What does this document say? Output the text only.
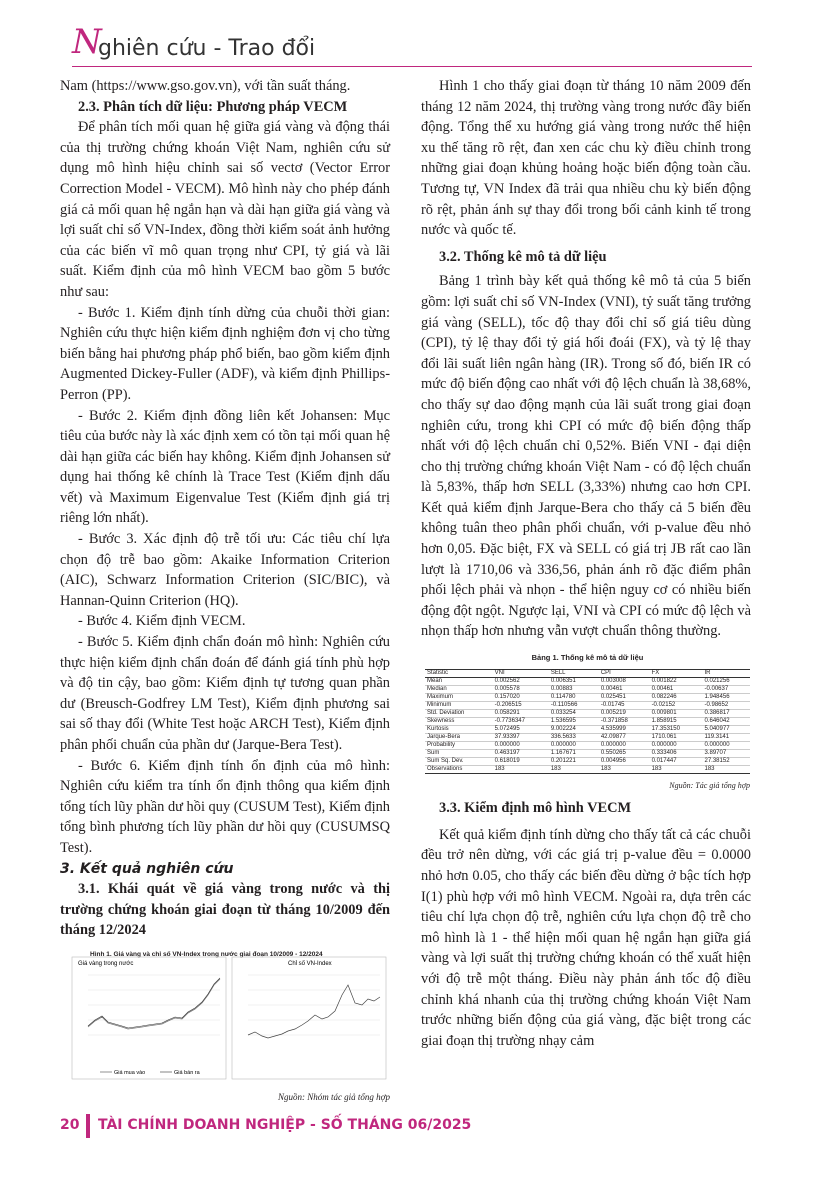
N
ghiên cứu - Trao đổi

Nam (https://www.gso.gov.vn), với tần suất tháng.

2.3. Phân tích dữ liệu: Phương pháp VECM

Để phân tích mối quan hệ giữa giá vàng và động thái của thị trường chứng khoán Việt Nam, nghiên cứu sử dụng mô hình hiệu chỉnh sai số vectơ (Vector Error Correction Model - VECM). Mô hình này cho phép đánh giá cả mối quan hệ ngắn hạn và dài hạn giữa giá vàng và lợi suất chỉ số VN-Index, đồng thời kiểm soát ảnh hưởng của các biến vĩ mô quan trọng như CPI, tỷ giá và lãi suất. Kiểm định của mô hình VECM bao gồm 5 bước như sau:

- Bước 1. Kiểm định tính dừng của chuỗi thời gian: Nghiên cứu thực hiện kiểm định nghiệm đơn vị cho từng biến bằng hai phương pháp phổ biến, bao gồm kiểm định Augmented Dickey-Fuller (ADF), và kiểm định Phillips-Perron (PP).

- Bước 2. Kiểm định đồng liên kết Johansen: Mục tiêu của bước này là xác định xem có tồn tại mối quan hệ dài hạn giữa các biến hay không. Kiểm định Johansen sử dụng hai thống kê chính là Trace Test (Kiểm định dấu vết) và Maximum Eigenvalue Test (Kiểm định giá trị riêng lớn nhất).

- Bước 3. Xác định độ trễ tối ưu: Các tiêu chí lựa chọn độ trễ bao gồm: Akaike Information Criterion (AIC), Schwarz Information Criterion (SIC/BIC), và Hannan-Quinn Criterion (HQ).

- Bước 4. Kiểm định VECM.

- Bước 5. Kiểm định chẩn đoán mô hình: Nghiên cứu thực hiện kiểm định chẩn đoán để đánh giá tính phù hợp và độ tin cậy, bao gồm: Kiểm định tự tương quan phần dư (Breusch-Godfrey LM Test), Kiểm định phương sai sai số thay đổi (White Test hoặc ARCH Test), Kiểm định phân phối chuẩn của phần dư (Jarque-Bera Test).

- Bước 6. Kiểm định tính ổn định của mô hình: Nghiên cứu kiểm tra tính ổn định thông qua kiểm định tổng tích lũy phần dư hồi quy (CUSUM Test), Kiểm định tổng bình phương tích lũy phần dư hồi quy (CUSUMSQ Test).

3. Kết quả nghiên cứu

3.1. Khái quát về giá vàng trong nước và thị trường chứng khoán giai đoạn từ tháng 10/2009 đến tháng 12/2024

Hình 1. Giá vàng và chỉ số VN-Index trong nước giai đoạn 10/2009 - 12/2024
Giá vàng trong nước	Chỉ số VN-Index
Giá mua vào	Giá bán ra

Nguồn: Nhóm tác giả tổng hợp

Hình 1 cho thấy giai đoạn từ tháng 10 năm 2009 đến tháng 12 năm 2024, thị trường vàng trong nước đầy biến động. Tổng thể xu hướng giá vàng trong nước thể hiện xu thế tăng rõ rệt, đan xen các chu kỳ điều chỉnh trong những giai đoạn khủng hoảng hoặc biến động toàn cầu. Tương tự, VN Index đã trải qua nhiều chu kỳ biến động rõ rệt, phản ánh sự thay đổi trong bối cảnh kinh tế trong nước và quốc tế.

3.2. Thống kê mô tả dữ liệu

Bảng 1 trình bày kết quả thống kê mô tả của 5 biến gồm: lợi suất chỉ số VN-Index (VNI), tỷ suất tăng trưởng giá vàng (SELL), tốc độ thay đổi chỉ số giá tiêu dùng (CPI), tỷ lệ thay đổi tỷ giá hối đoái (FX), và tỷ lệ thay đổi lãi suất liên ngân hàng (IR). Trong số đó, biến IR có mức độ biến động cao nhất với độ lệch chuẩn là 38,68%, cho thấy sự dao động mạnh của lãi suất trong giai đoạn nghiên cứu, trong khi CPI có mức độ biến động thấp nhất với độ lệch chuẩn chỉ 0,52%. Biến VNI - đại diện cho thị trường chứng khoán Việt Nam - có độ lệch chuẩn là 5,83%, thấp hơn SELL (3,33%) nhưng cao hơn CPI. Kết quả kiểm định Jarque-Bera cho thấy cả 5 biến đều không tuân theo phân phối chuẩn, với p-value đều nhỏ hơn 0,05. Đặc biệt, FX và SELL có giá trị JB rất cao lần lượt là 1710,06 và 336,56, phản ánh rõ đặc điểm phân phối lệch phải và nhọn - thể hiện nguy cơ có nhiều biến động đột ngột. Ngược lại, VNI và CPI có mức độ lệch và nhọn thấp hơn nhưng vẫn vượt chuẩn thông thường.

Bảng 1. Thống kê mô tả dữ liệu
Statistic	VNI	SELL	CPI	FX	IR
Mean	0.002562	0.006351	0.003008	0.001822	0.021256
Median	0.005578	0.00883	0.00461	0.00461	-0.00637
Maximum	0.157020	0.114780	0.025451	0.082246	1.948456
Minimum	-0.206515	-0.110566	-0.01745	-0.02152	-0.98652
Std. Deviation	0.058291	0.033254	0.005219	0.009801	0.386817
Skewness	-0.7736347	1.536595	-0.371858	1.858915	0.646042
Kurtosis	5.072495	9.002224	4.535999	17.353150	5.040977
Jarque-Bera	37.93397	336.5633	42.09877	1710.061	119.3141
Probability	0.000000	0.000000	0.000000	0.000000	0.000000
Sum	0.463197	1.167671	0.550265	0.333406	3.89707
Sum Sq. Dev.	0.618019	0.201221	0.004956	0.017447	27.38152
Observations	183	183	183	183	183

Nguồn: Tác giả tổng hợp

3.3. Kiểm định mô hình VECM

Kết quả kiểm định tính dừng cho thấy tất cả các chuỗi đều trở nên dừng, với các giá trị p-value đều = 0.0000 nhỏ hơn 0.05, cho thấy các biến đều dừng ở bậc tích hợp I(1) phù hợp với mô hình VECM. Ngoài ra, dựa trên các tiêu chí lựa chọn độ trễ, nghiên cứu lựa chọn độ trễ cho mô hình là 1 - thể hiện mối quan hệ ngắn hạn giữa giá vàng và lợi suất thị trường chứng khoán có thể xuất hiện với độ trễ một tháng. Điều này phản ánh tốc độ điều chỉnh khá nhanh của thị trường chứng khoán Việt Nam trước những biến động của giá vàng, đặc biệt trong các giai đoạn thị trường nhạy cảm

20 TÀI CHÍNH DOANH NGHIỆP - SỐ THÁNG 06/2025
